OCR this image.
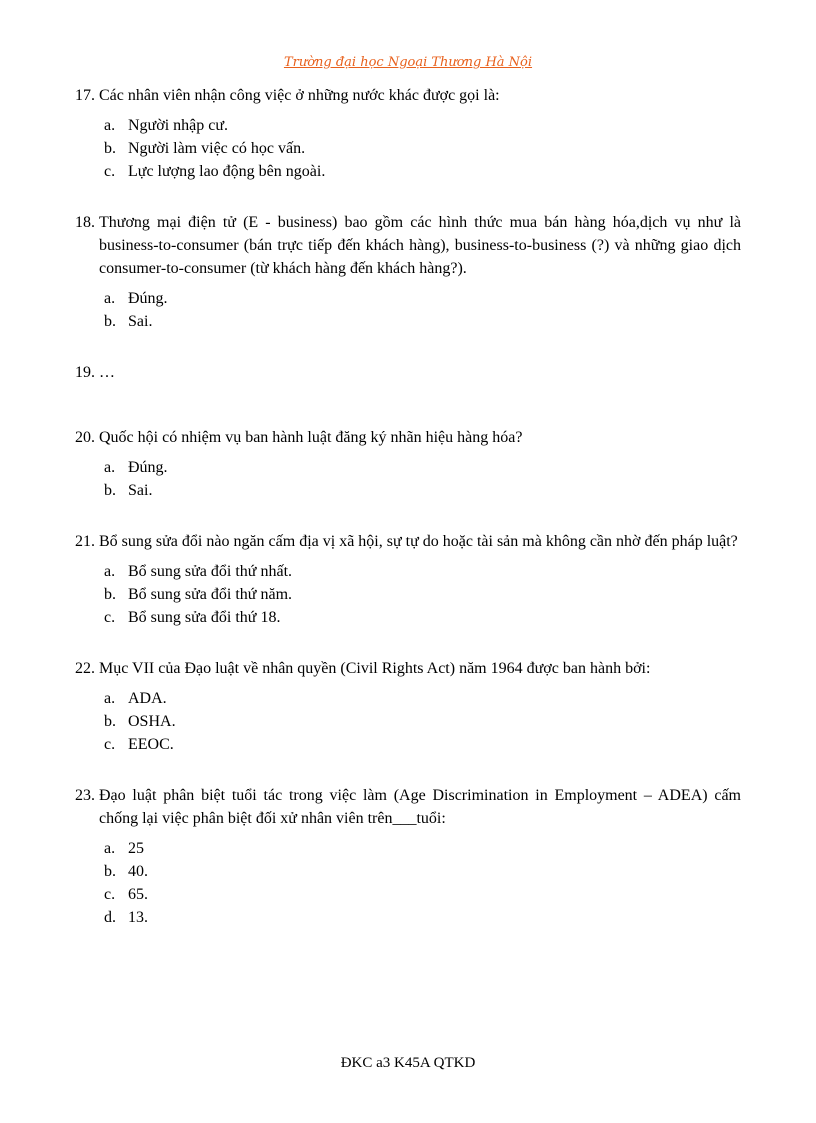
Trường đại học Ngoại Thương Hà Nội
17. Các nhân viên nhận công việc ở những nước khác được gọi là:
a. Người nhập cư.
b. Người làm việc có học vấn.
c. Lực lượng lao động bên ngoài.
18. Thương mại điện tử (E - business) bao gồm các hình thức mua bán hàng hóa,dịch vụ như là business-to-consumer (bán trực tiếp đến khách hàng), business-to-business (?) và những giao dịch consumer-to-consumer (từ khách hàng đến khách hàng?).
a. Đúng.
b. Sai.
19. …
20. Quốc hội có nhiệm vụ ban hành luật đăng ký nhãn hiệu hàng hóa?
a. Đúng.
b. Sai.
21. Bổ sung sửa đổi nào ngăn cấm địa vị xã hội, sự tự do hoặc tài sản mà không cần nhờ đến pháp luật?
a. Bổ sung sửa đổi thứ nhất.
b. Bổ sung sửa đổi thứ năm.
c. Bổ sung sửa đổi thứ 18.
22. Mục VII của Đạo luật về nhân quyền (Civil Rights Act) năm 1964 được ban hành bởi:
a. ADA.
b. OSHA.
c. EEOC.
23. Đạo luật phân biệt tuổi tác trong việc làm (Age Discrimination in Employment – ADEA) cấm chống lại việc phân biệt đối xử nhân viên trên___tuổi:
a. 25
b. 40.
c. 65.
d. 13.
ĐKC a3 K45A QTKD
